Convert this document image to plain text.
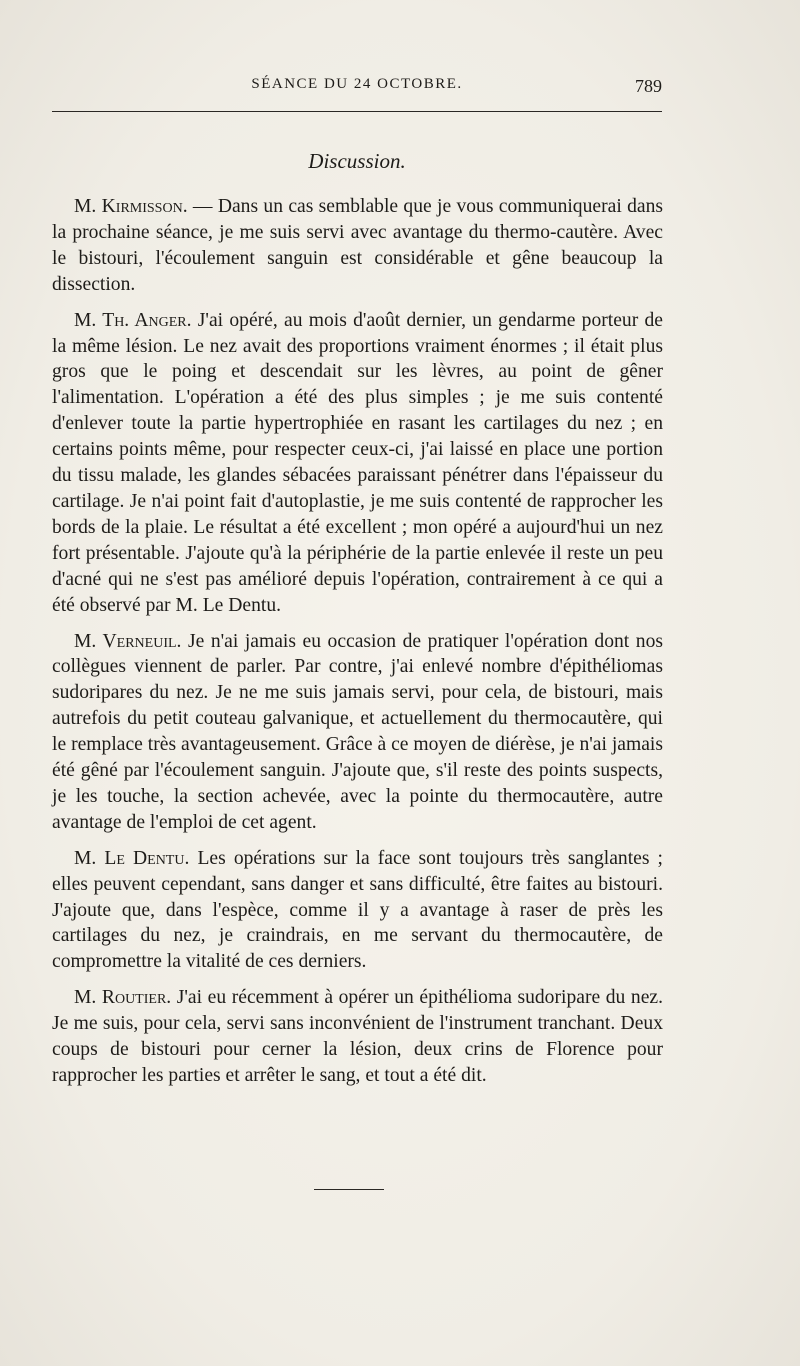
SÉANCE DU 24 OCTOBRE.	789
Discussion.

M. Kirmisson. — Dans un cas semblable que je vous communiquerai dans la prochaine séance, je me suis servi avec avantage du thermo-cautère. Avec le bistouri, l'écoulement sanguin est considérable et gêne beaucoup la dissection.

M. Th. Anger. J'ai opéré, au mois d'août dernier, un gendarme porteur de la même lésion. Le nez avait des proportions vraiment énormes ; il était plus gros que le poing et descendait sur les lèvres, au point de gêner l'alimentation. L'opération a été des plus simples ; je me suis contenté d'enlever toute la partie hypertrophiée en rasant les cartilages du nez ; en certains points même, pour respecter ceux-ci, j'ai laissé en place une portion du tissu malade, les glandes sébacées paraissant pénétrer dans l'épaisseur du cartilage. Je n'ai point fait d'autoplastie, je me suis contenté de rapprocher les bords de la plaie. Le résultat a été excellent ; mon opéré a aujourd'hui un nez fort présentable. J'ajoute qu'à la périphérie de la partie enlevée il reste un peu d'acné qui ne s'est pas amélioré depuis l'opération, contrairement à ce qui a été observé par M. Le Dentu.

M. Verneuil. Je n'ai jamais eu occasion de pratiquer l'opération dont nos collègues viennent de parler. Par contre, j'ai enlevé nombre d'épithéliomas sudoripares du nez. Je ne me suis jamais servi, pour cela, de bistouri, mais autrefois du petit couteau galvanique, et actuellement du thermocautère, qui le remplace très avantageusement. Grâce à ce moyen de diérèse, je n'ai jamais été gêné par l'écoulement sanguin. J'ajoute que, s'il reste des points suspects, je les touche, la section achevée, avec la pointe du thermocautère, autre avantage de l'emploi de cet agent.

M. Le Dentu. Les opérations sur la face sont toujours très sanglantes ; elles peuvent cependant, sans danger et sans difficulté, être faites au bistouri. J'ajoute que, dans l'espèce, comme il y a avantage à raser de près les cartilages du nez, je craindrais, en me servant du thermocautère, de compromettre la vitalité de ces derniers.

M. Routier. J'ai eu récemment à opérer un épithélioma sudoripare du nez. Je me suis, pour cela, servi sans inconvénient de l'instrument tranchant. Deux coups de bistouri pour cerner la lésion, deux crins de Florence pour rapprocher les parties et arrêter le sang, et tout a été dit.
